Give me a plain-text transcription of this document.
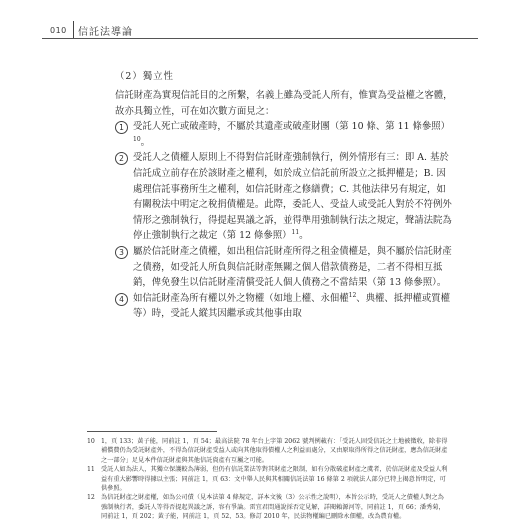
010 信託法導論
（2）獨立性
信託財產為實現信託目的之所繫，名義上雖為受託人所有，惟實為受益權之客體，故亦具獨立性，可在如次數方面見之：
1 受託人死亡或破產時，不屬於其遺產或破產財團（第 10 條、第 11 條參照）$^{10}$。
2 受託人之債權人原則上不得對信託財產強制執行，例外情形有三：即 A. 基於信託成立前存在於該財產之權利，如於成立信託前所設立之抵押權是；B. 因處理信託事務所生之權利，如信託財產之修繕費；C. 其他法律另有規定，如有關稅法中明定之稅捐債權是。此際，委託人、受益人或受託人對於不符例外情形之強制執行，得提起異議之訴，並得準用強制執行法之規定，聲請法院為停止強制執行之裁定（第 12 條參照）$^{11}$。
3 屬於信託財產之債權，如出租信託財產所得之租金債權是，與不屬於信託財產之債務，如受託人所負與信託財產無關之個人借款債務是，二者不得相互抵銷，俾免發生以信託財產清償受託人個人債務之不當結果（第 13 條參照）。
4 如信託財產為所有權以外之物權（如地上權、永佃權$^{12}$、典權、抵押權或質權等）時，受託人縱其因繼承或其他事由取
10 1，頁 133；黃子能，同前註 1，頁 54；最高法院 78 年台上字第 2062 號判例載有：「受託人固受信託之土地被徵收，除非得補償費仍為受託財產外，不得為信託財產受益人或向其他取得債權人之利益而處分，又由原取得所得之信託財產，應為信託財產之一部分」足見本件信託財產與其他信託資產有互屬之可能。
11 受託人如為法人，其獨立保護較為薄弱，但仍有信託業法等對其財產之限制，如有分散破產財產之虞者，於信託財產及受益人利益有重大影響時得據以主張；同前註 1，頁 63：文中舉人民與其相關信託法第 16 條第 2 項就法人部分已特上揭意旨明定，可供參照。
12 為信託財產之財產權，如為公司債（見本法第 4 條規定，詳本文後（3）公示性之說明），本旨公示時，受託人之債權人對之為強制執行者，委託人等得否提起異議之訴，容有爭論。雷宜君問通說採否定見解，詳閱賴源河等，同前註 1，頁 66；潘秀菊，同前註 1，頁 202；黃子能，同前註 1，頁 52、53。修訂 2010 年，民法物權編已刪除永佃權，改為農育權。
